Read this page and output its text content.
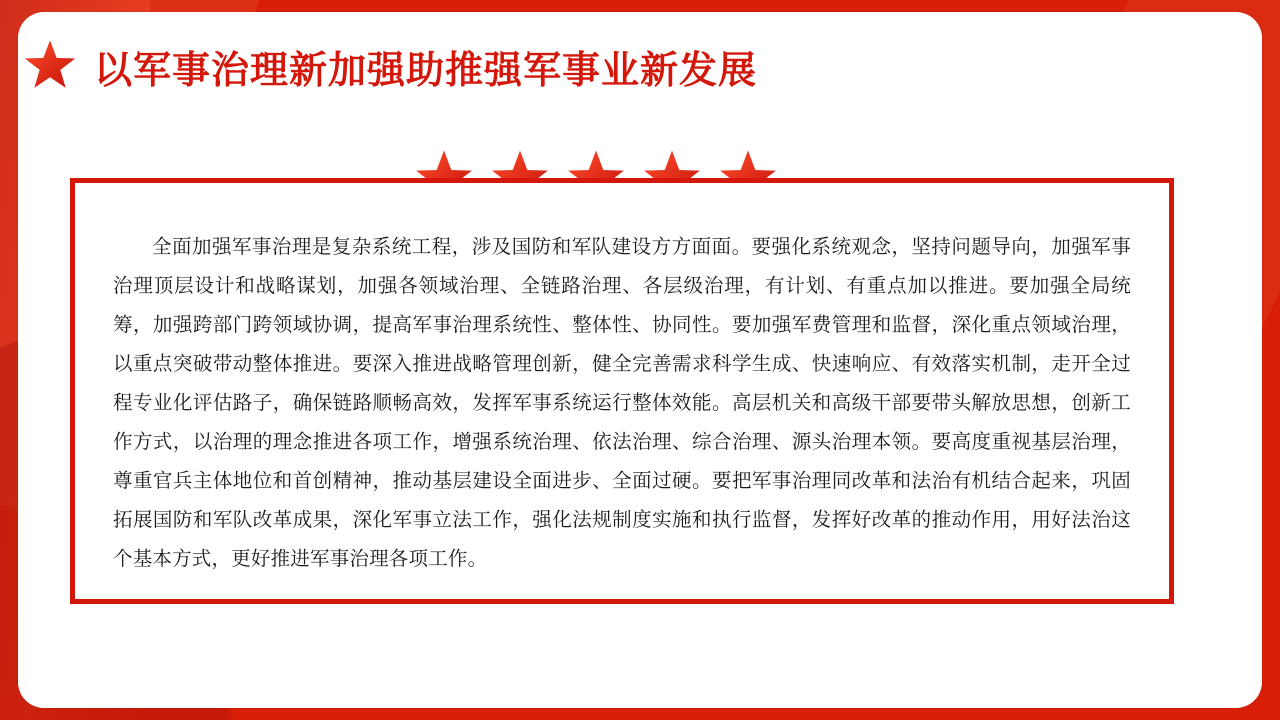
以军事治理新加强助推强军事业新发展

全面加强军事治理是复杂系统工程，涉及国防和军队建设方方面面。要强化系统观念，坚持问题导向，加强军事治理顶层设计和战略谋划，加强各领域治理、全链路治理、各层级治理，有计划、有重点加以推进。要加强全局统筹，加强跨部门跨领域协调，提高军事治理系统性、整体性、协同性。要加强军费管理和监督，深化重点领域治理，以重点突破带动整体推进。要深入推进战略管理创新，健全完善需求科学生成、快速响应、有效落实机制，走开全过程专业化评估路子，确保链路顺畅高效，发挥军事系统运行整体效能。高层机关和高级干部要带头解放思想，创新工作方式，以治理的理念推进各项工作，增强系统治理、依法治理、综合治理、源头治理本领。要高度重视基层治理，尊重官兵主体地位和首创精神，推动基层建设全面进步、全面过硬。要把军事治理同改革和法治有机结合起来，巩固拓展国防和军队改革成果，深化军事立法工作，强化法规制度实施和执行监督，发挥好改革的推动作用，用好法治这个基本方式，更好推进军事治理各项工作。
